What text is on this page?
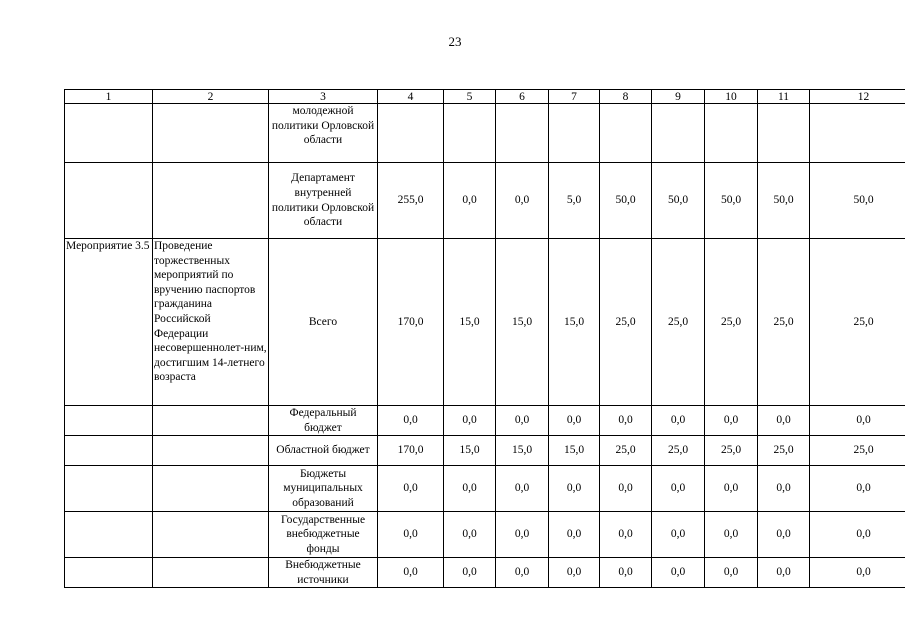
23
1	2	3	4	5	6	7	8	9	10	11	12
		молодежной политики Орловской области									
		Департамент внутренней политики Орловской области	255,0	0,0	0,0	5,0	50,0	50,0	50,0	50,0	50,0
Мероприятие 3.5	Проведение торжественных мероприятий по вручению паспортов гражданина Российской Федерации несовершеннолет-ним, достигшим 14-летнего возраста	Всего	170,0	15,0	15,0	15,0	25,0	25,0	25,0	25,0	25,0
		Федеральный бюджет	0,0	0,0	0,0	0,0	0,0	0,0	0,0	0,0	0,0
		Областной бюджет	170,0	15,0	15,0	15,0	25,0	25,0	25,0	25,0	25,0
		Бюджеты муниципальных образований	0,0	0,0	0,0	0,0	0,0	0,0	0,0	0,0	0,0
		Государственные внебюджетные фонды	0,0	0,0	0,0	0,0	0,0	0,0	0,0	0,0	0,0
		Внебюджетные источники	0,0	0,0	0,0	0,0	0,0	0,0	0,0	0,0	0,0
